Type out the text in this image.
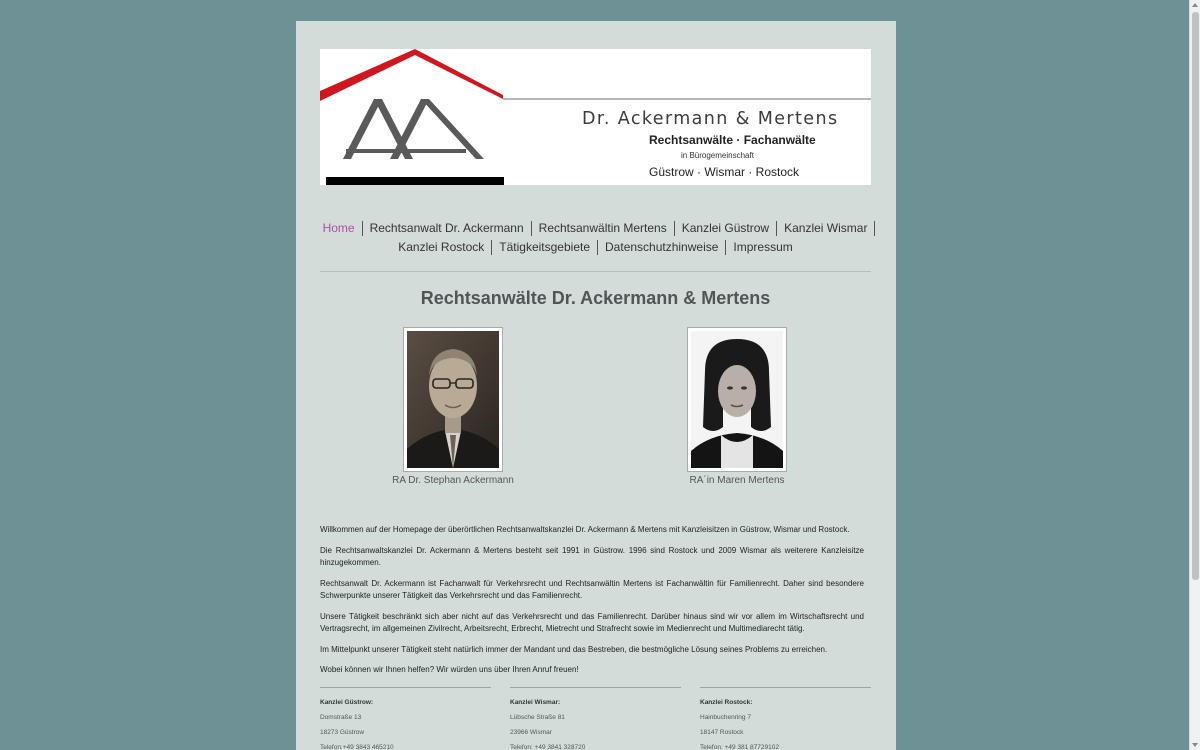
Dr. Ackermann & Mertens
Rechtsanwälte · Fachanwälte
in Bürogemeinschaft
Güstrow · Wismar · Rostock
Home	Rechtsanwalt Dr. Ackermann	Rechtsanwältin Mertens	Kanzlei Güstrow	Kanzlei Wismar
Kanzlei Rostock	Tätigkeitsgebiete	Datenschutzhinweise	Impressum
Rechtsanwälte Dr. Ackermann & Mertens
RA Dr. Stephan Ackermann	RA´in Maren Mertens

Willkommen auf der Homepage der überörtlichen Rechtsanwaltskanzlei Dr. Ackermann & Mertens mit Kanzleisitzen in Güstrow, Wismar und Rostock.

Die Rechtsanwaltskanzlei Dr. Ackermann & Mertens besteht seit 1991 in Güstrow. 1996 sind Rostock und 2009 Wismar als weiterere Kanzleisitze hinzugekommen.

Rechtsanwalt Dr. Ackermann ist Fachanwalt für Verkehrsrecht und Rechtsanwältin Mertens ist Fachanwältin für Familienrecht. Daher sind besondere Schwerpunkte unserer Tätigkeit das Verkehrsrecht und das Familienrecht.

Unsere Tätigkeit beschränkt sich aber nicht auf das Verkehrsrecht und das Familienrecht. Darüber hinaus sind wir vor allem im Wirtschaftsrecht und Vertragsrecht, im allgemeinen Zivilrecht, Arbeitsrecht, Erbrecht, Mietrecht und Strafrecht sowie im Medienrecht und Multimediarecht tätig.

Im Mittelpunkt unserer Tätigkeit steht natürlich immer der Mandant und das Bestreben, die bestmögliche Lösung seines Problems zu erreichen.

Wobei können wir Ihnen helfen? Wir würden uns über Ihren Anruf freuen!

Kanzlei Güstrow:
Domstraße 13
18273 Güstrow
Telefon:+49 3843 465210
Kanzlei Wismar:
Lübsche Straße 81
23966 Wismar
Telefon: +49 3841 328720
Kanzlei Rostock:
Hainbuchenring 7
18147 Rostock
Telefon: +49 381 87729102
